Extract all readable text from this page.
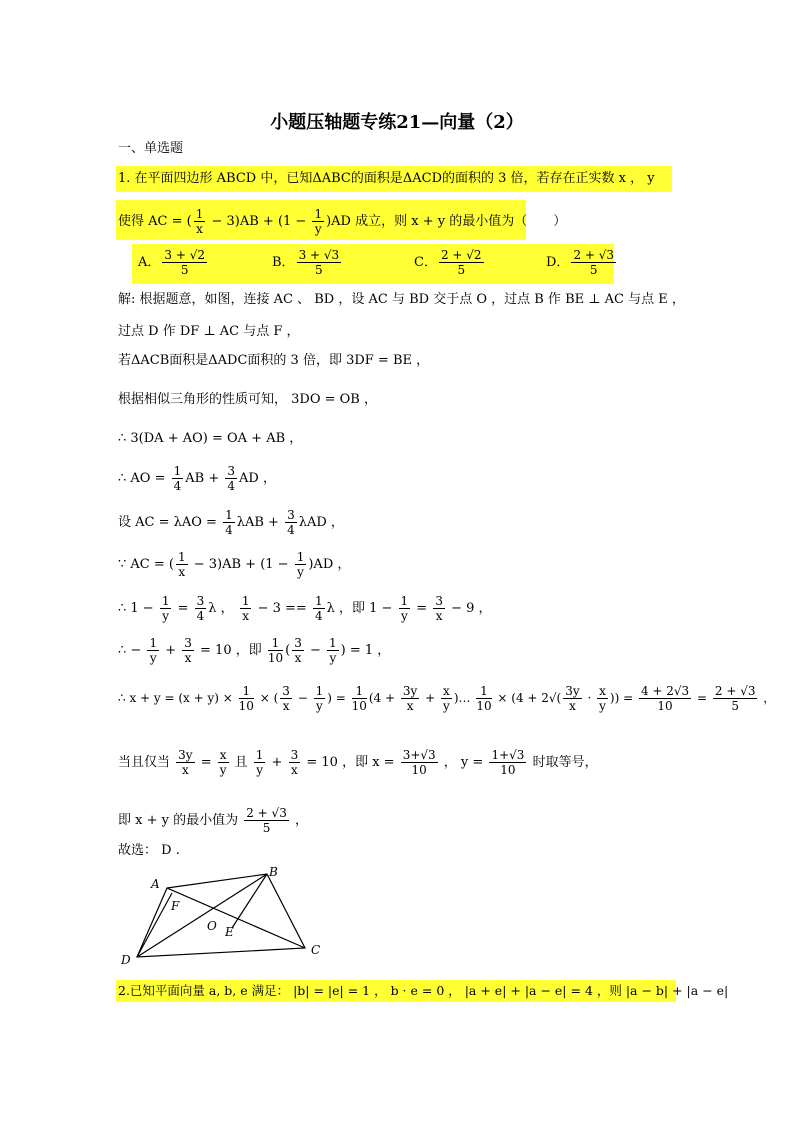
小题压轴题专练21—向量（2）
一、单选题
1. 在平面四边形 ABCD 中，已知ΔABC的面积是ΔACD的面积的 3 倍，若存在正实数 x ， y
使得 AC = ( $\frac{1}{x} - 3)AB + (1 - \frac{1}{y} )AD$ 成立，则 x + y 的最小值为（　　）
A． $\frac{3 + √2}{5}$	B． $\frac{3 + √3}{5}$	C． $\frac{2 + √2}{5}$	D． $\frac{2 + √3}{5}$
解: 根据题意，如图，连接 AC 、 BD ，设 AC 与 BD 交于点 O ，过点 B 作 BE ⊥ AC 与点 E ，
过点 D 作 DF ⊥ AC 与点 F ，
若ΔACB面积是ΔADC面积的 3 倍，即 3DF = BE ，
根据相似三角形的性质可知， 3DO = OB ，
∴ 3(DA + AO) = OA + AB ，
∴ AO = $\frac{1}{4}$ AB + $\frac{3}{4}$ AD ，
设 AC = $\lambda AO = \frac{1}{4}$ $\lambda AB + \frac{3}{4}$ λAD ，
∵ AC = ( $\frac{1}{x} - 3)AB + (1 - \frac{1}{y} )AD$ ，
∴ $1 - \frac{1}{y} = \frac{3}{4}$ λ ， $\frac{1}{x} - 3 == \frac{1}{4}$ λ ，即 $1 - \frac{1}{y} = \frac{3}{x} - 9$ ，
∴ − $\frac{1}{y} + \frac{3}{x} = 10$ ，即 $\frac{1}{10}$ ( $\frac{3}{x} - \frac{1}{y}$ ) = 1 ，
∴ $x + y = (x + y) \times \frac{1}{10}$ × ( $\frac{3}{x} - \frac{1}{y}$ ) = $\frac{1}{10} (4 + \frac{3y}{x} + \frac{x}{y}$ )… $\frac{1}{10} \times (4 + 2√( \frac{3y}{x} \cdot \frac{x}{y}$ )) = $\frac{4 + 2√3}{10} = \frac{2 + √3}{5}$ ，
当且仅当 $\frac{3y}{x} = \frac{x}{y}$ 且 $\frac{1}{y} + \frac{3}{x} = 10$ ，即 $x = \frac{3+√3}{10}$ ， $y = \frac{1+√3}{10}$ 时取等号，
即 x + y 的最小值为 $\frac{2 + √3}{5}$ ，
故选： D .
A
B
C
D
O E
F
2.已知平面向量 a, b, e 满足： |b| = |e| = 1 ， b · e = 0 ， |a + e| + |a − e| = 4 ，则 |a − b| + |a − e|
